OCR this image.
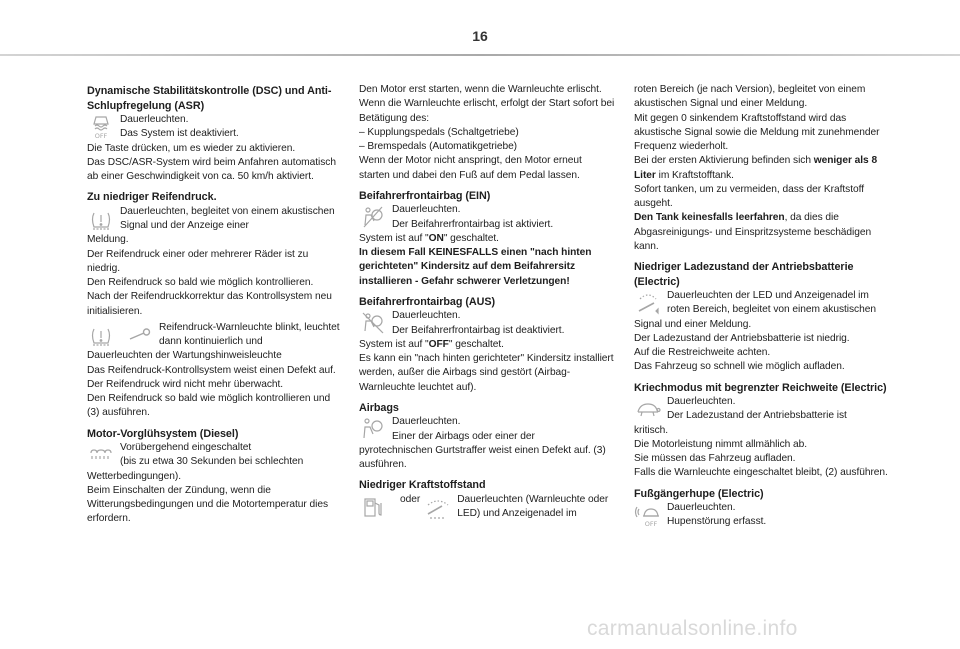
16
Dynamische Stabilitätskontrolle (DSC) und Anti-Schlupfregelung (ASR)
OFF

Dauerleuchten.

Das System ist deaktiviert.

Die Taste drücken, um es wieder zu aktivieren.
Das DSC/ASR-System wird beim Anfahren automatisch ab einer Geschwindigkeit von ca. 50 km/h aktiviert.

Zu niedriger Reifendruck.

Dauerleuchten, begleitet von einem akustischen Signal und der Anzeige einer

Meldung.
Der Reifendruck einer oder mehrerer Räder ist zu niedrig.
Den Reifendruck so bald wie möglich kontrollieren.
Nach der Reifendruckkorrektur das Kontrollsystem neu initialisieren.

Reifendruck-Warnleuchte blinkt, leuchtet dann kontinuierlich und

Dauerleuchten der Wartungshinweisleuchte
Das Reifendruck-Kontrollsystem weist einen Defekt auf.
Der Reifendruck wird nicht mehr überwacht.
Den Reifendruck so bald wie möglich kontrollieren und (3) ausführen.

Motor-Vorglühsystem (Diesel)

Vorübergehend eingeschaltet

(bis zu etwa 30 Sekunden bei schlechten

Wetterbedingungen).
Beim Einschalten der Zündung, wenn die Witterungsbedingungen und die Motortemperatur dies erfordern.

Den Motor erst starten, wenn die Warnleuchte erlischt. Wenn die Warnleuchte erlischt, erfolgt der Start sofort bei Betätigung des:
– Kupplungspedals (Schaltgetriebe)
– Bremspedals (Automatikgetriebe)
Wenn der Motor nicht anspringt, den Motor erneut starten und dabei den Fuß auf dem Pedal lassen.

Beifahrerfrontairbag (EIN)

Dauerleuchten.

Der Beifahrerfrontairbag ist aktiviert.

System ist auf "ON" geschaltet.

In diesem Fall KEINESFALLS einen "nach hinten gerichteten" Kindersitz auf dem Beifahrersitz installieren - Gefahr schwerer Verletzungen!

Beifahrerfrontairbag (AUS)

Dauerleuchten.

Der Beifahrerfrontairbag ist deaktiviert.

System ist auf "OFF" geschaltet.

Es kann ein "nach hinten gerichteter" Kindersitz installiert werden, außer die Airbags sind gestört (Airbag-Warnleuchte leuchtet auf).

Airbags

Dauerleuchten.

Einer der Airbags oder einer der

pyrotechnischen Gurtstraffer weist einen Defekt auf. (3) ausführen.

Niedriger Kraftstoffstand
oder	Dauerleuchten (Warnleuchte oder LED) und Anzeigenadel im

roten Bereich (je nach Version), begleitet von einem akustischen Signal und einer Meldung.
Mit gegen 0 sinkendem Kraftstoffstand wird das akustische Signal sowie die Meldung mit zunehmender Frequenz wiederholt.
Bei der ersten Aktivierung befinden sich weniger als 8 Liter im Kraftstofftank.
Sofort tanken, um zu vermeiden, dass der Kraftstoff ausgeht.

Den Tank keinesfalls leerfahren, da dies die Abgasreinigungs- und Einspritzsysteme beschädigen kann.

Niedriger Ladezustand der Antriebsbatterie (Electric)

Dauerleuchten der LED und Anzeigenadel im roten Bereich, begleitet von einem akustischen

Signal und einer Meldung.
Der Ladezustand der Antriebsbatterie ist niedrig.
Auf die Restreichweite achten.
Das Fahrzeug so schnell wie möglich aufladen.

Kriechmodus mit begrenzter Reichweite (Electric)

Dauerleuchten.

Der Ladezustand der Antriebsbatterie ist

kritisch.
Die Motorleistung nimmt allmählich ab.
Sie müssen das Fahrzeug aufladen.
Falls die Warnleuchte eingeschaltet bleibt, (2) ausführen.

Fußgängerhupe (Electric)
OFF

Dauerleuchten.

Hupenstörung erfasst.

carmanualsonline.info
